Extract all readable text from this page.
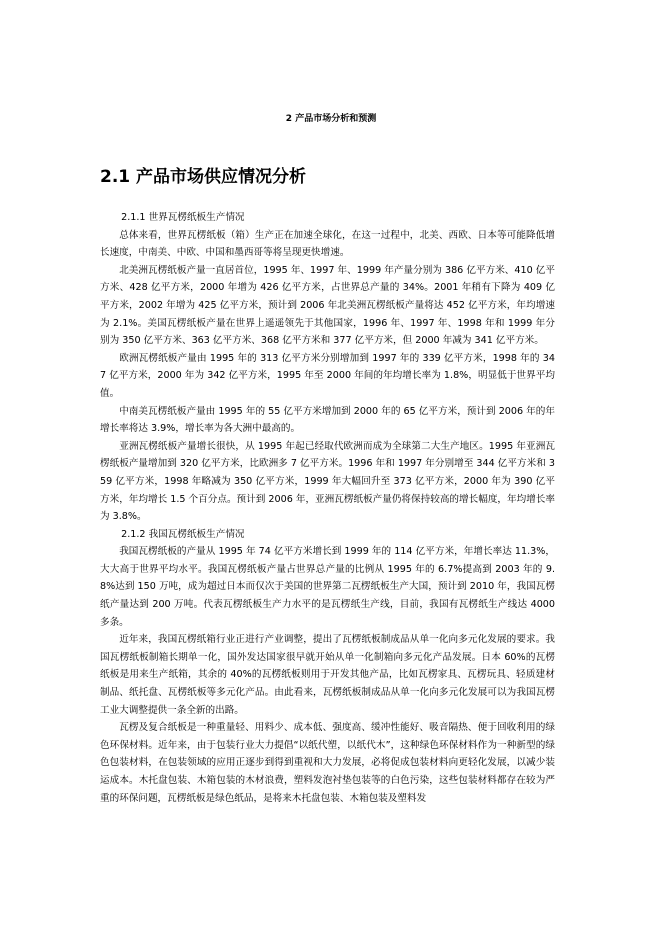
2 产品市场分析和预测
2.1 产品市场供应情况分析

2.1.1 世界瓦楞纸板生产情况

总体来看，世界瓦楞纸板（箱）生产正在加速全球化，在这一过程中，北美、西欧、日本等可能降低增长速度，中南美、中欧、中国和墨西哥等将呈现更快增速。

北美洲瓦楞纸板产量一直居首位，1995 年、1997 年、1999 年产量分别为 386 亿平方米、410 亿平方米、428 亿平方米，2000 年增为 426 亿平方米，占世界总产量的 34%。2001 年稍有下降为 409 亿平方米，2002 年增为 425 亿平方米，预计到 2006 年北美洲瓦楞纸板产量将达 452 亿平方米，年均增速为 2.1%。美国瓦楞纸板产量在世界上遥遥领先于其他国家，1996 年、1997 年、1998 年和 1999 年分别为 350 亿平方米、363 亿平方米、368 亿平方米和 377 亿平方米，但 2000 年减为 341 亿平方米。

欧洲瓦楞纸板产量由 1995 年的 313 亿平方米分别增加到 1997 年的 339 亿平方米，1998 年的 347 亿平方米，2000 年为 342 亿平方米，1995 年至 2000 年间的年均增长率为 1.8%，明显低于世界平均值。

中南美瓦楞纸板产量由 1995 年的 55 亿平方米增加到 2000 年的 65 亿平方米，预计到 2006 年的年增长率将达 3.9%，增长率为各大洲中最高的。

亚洲瓦楞纸板产量增长很快，从 1995 年起已经取代欧洲而成为全球第二大生产地区。1995 年亚洲瓦楞纸板产量增加到 320 亿平方米，比欧洲多 7 亿平方米。1996 年和 1997 年分别增至 344 亿平方米和 359 亿平方米，1998 年略减为 350 亿平方米，1999 年大幅回升至 373 亿平方米，2000 年为 390 亿平方米，年均增长 1.5 个百分点。预计到 2006 年，亚洲瓦楞纸板产量仍将保持较高的增长幅度，年均增长率为 3.8%。

2.1.2 我国瓦楞纸板生产情况

我国瓦楞纸板的产量从 1995 年 74 亿平方米增长到 1999 年的 114 亿平方米，年增长率达 11.3%，大大高于世界平均水平。我国瓦楞纸板产量占世界总产量的比例从 1995 年的 6.7%提高到 2003 年的 9.8%达到 150 万吨，成为超过日本而仅次于美国的世界第二瓦楞纸板生产大国，预计到 2010 年，我国瓦楞纸产量达到 200 万吨。代表瓦楞纸板生产力水平的是瓦楞纸生产线，目前，我国有瓦楞纸生产线达 4000 多条。

近年来，我国瓦楞纸箱行业正进行产业调整，提出了瓦楞纸板制成品从单一化向多元化发展的要求。我国瓦楞纸板制箱长期单一化，国外发达国家很早就开始从单一化制箱向多元化产品发展。日本 60%的瓦楞纸板是用来生产纸箱，其余的 40%的瓦楞纸板则用于开发其他产品，比如瓦楞家具、瓦楞玩具、轻质建材制品、纸托盘、瓦楞纸板等多元化产品。由此看来，瓦楞纸板制成品从单一化向多元化发展可以为我国瓦楞工业大调整提供一条全新的出路。

瓦楞及复合纸板是一种重量轻、用料少、成本低、强度高、缓冲性能好、吸音隔热、便于回收利用的绿色环保材料。近年来，由于包装行业大力提倡“以纸代塑，以纸代木”，这种绿色环保材料作为一种新型的绿色包装材料，在包装领域的应用正逐步到得到重视和大力发展，必将促成包装材料向更轻化发展，以减少装运成本。木托盘包装、木箱包装的木材浪费，塑料发泡衬垫包装等的白色污染，这些包装材料都存在较为严重的环保问题，瓦楞纸板是绿色纸品，是将来木托盘包装、木箱包装及塑料发
